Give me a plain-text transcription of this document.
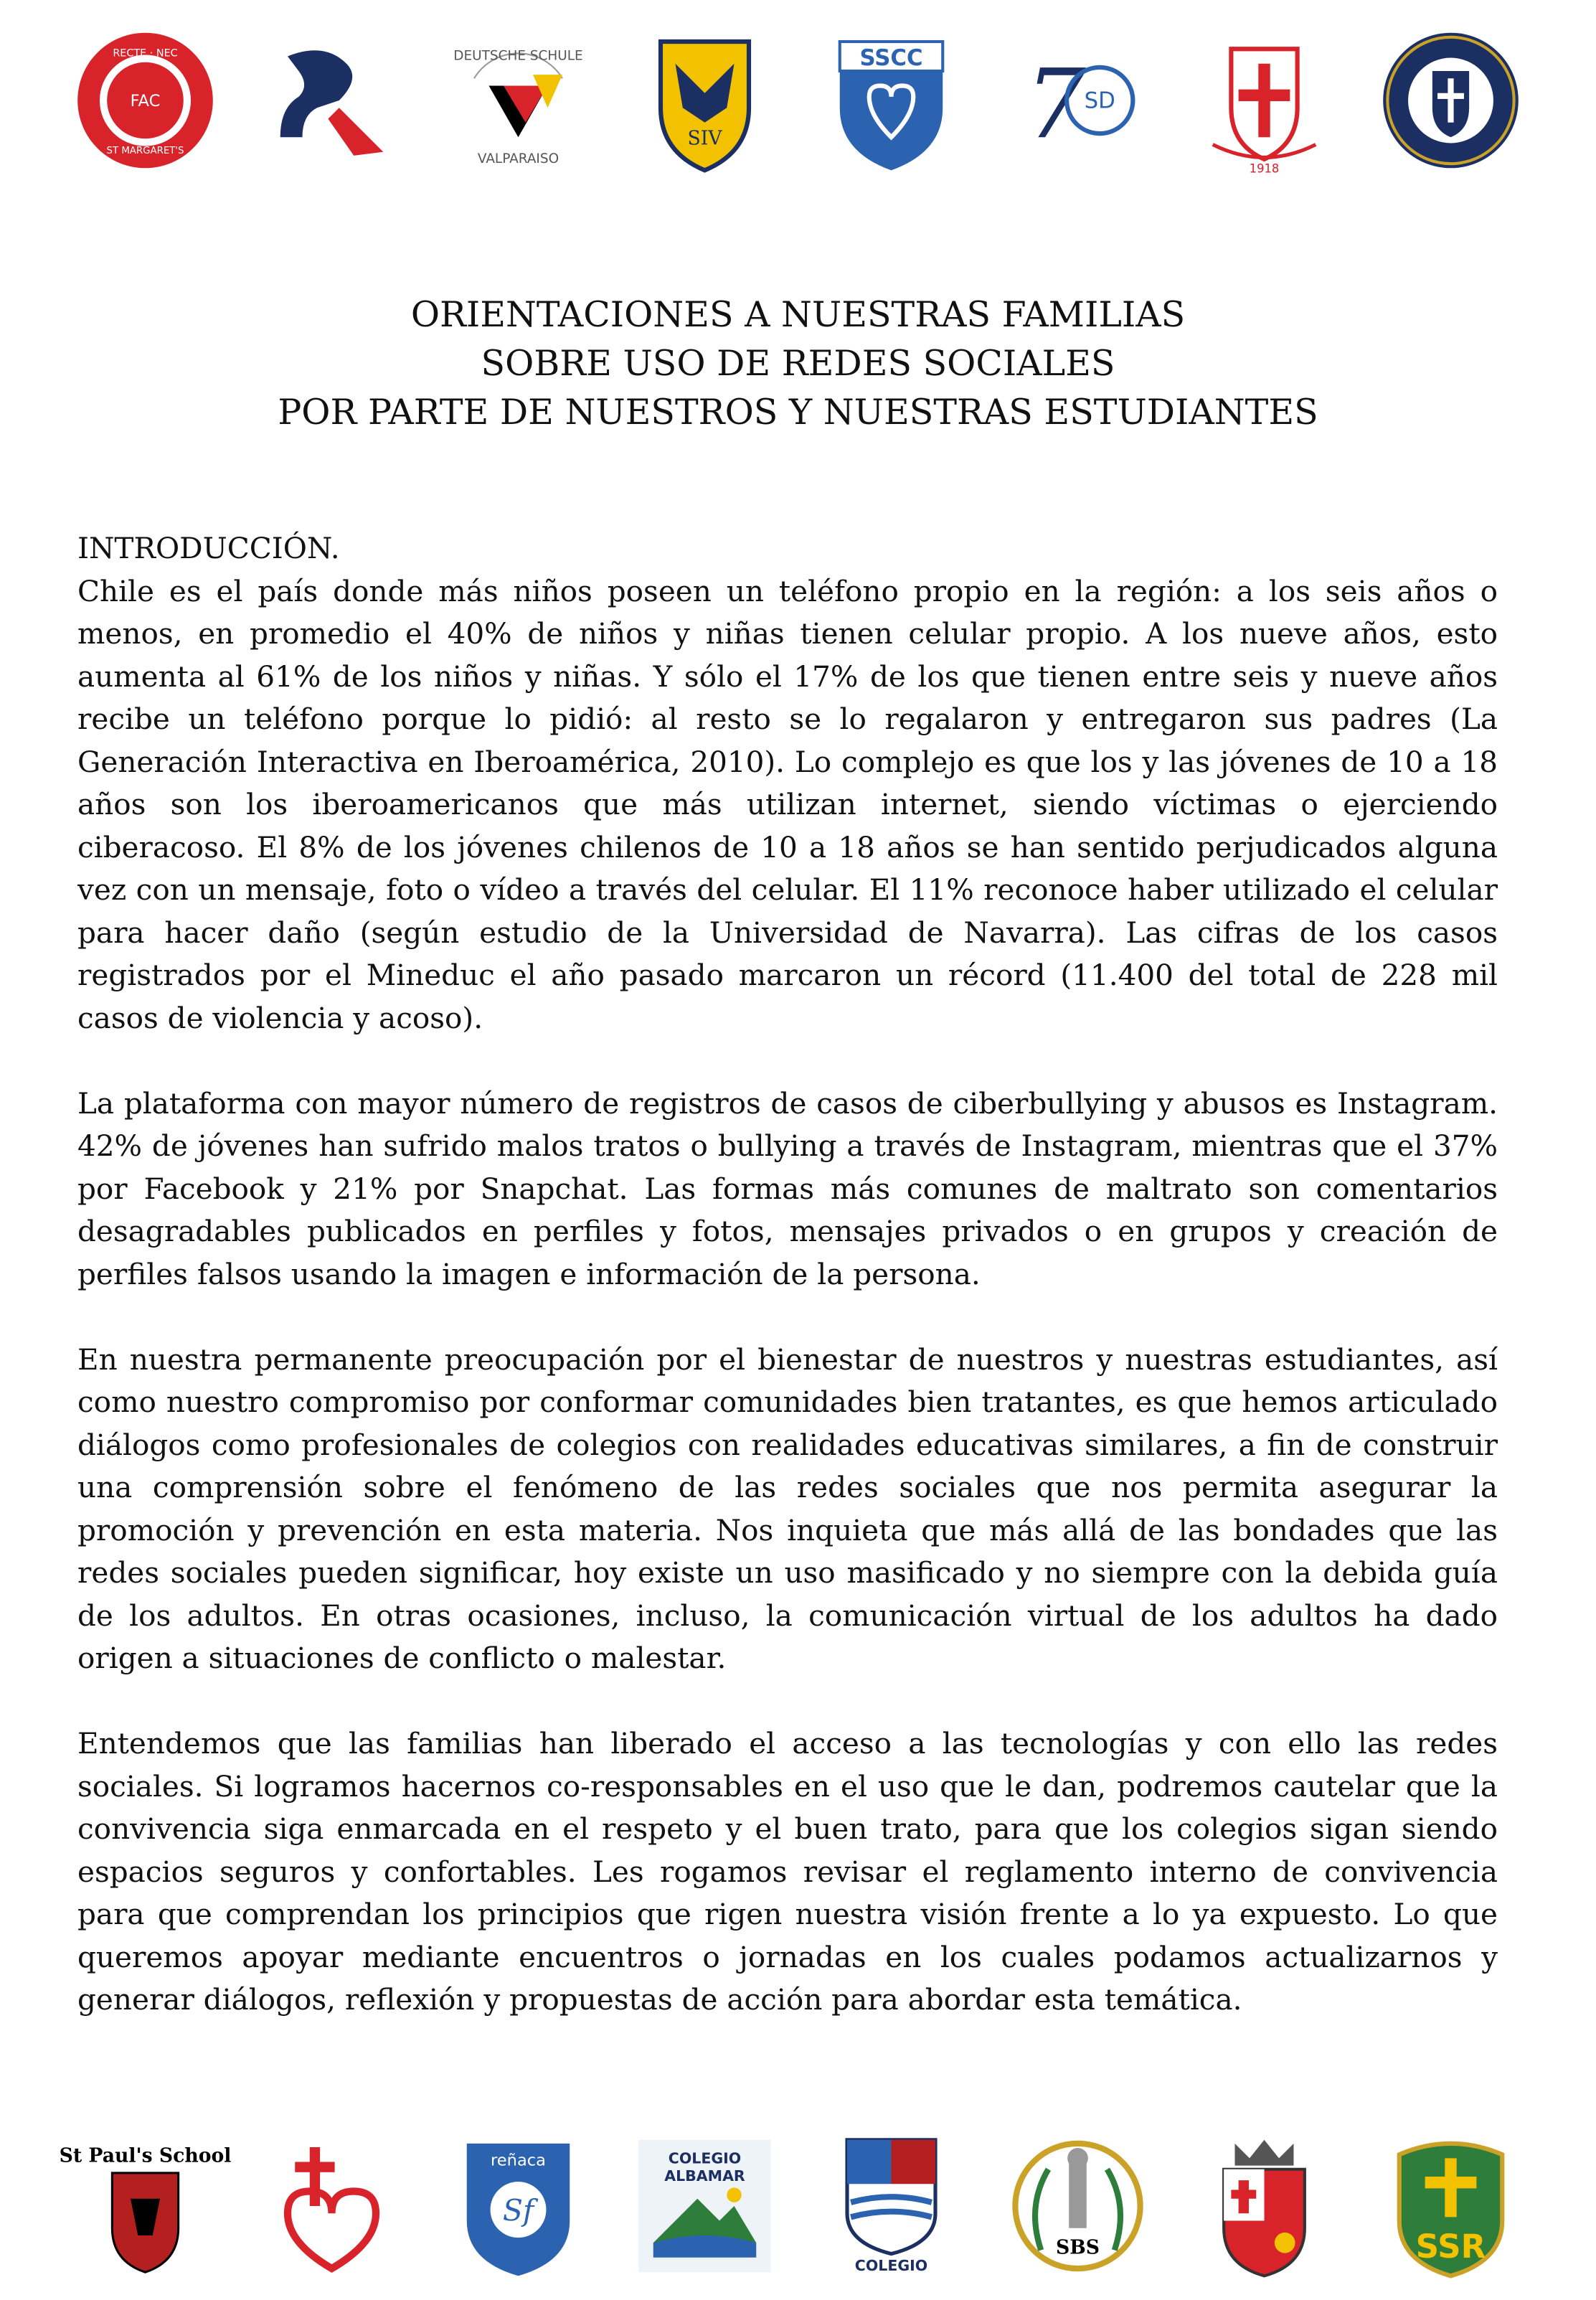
FAC
RECTE · NEC
ST MARGARET'S
DEUTSCHE SCHULE
VALPARAISO
SIV
SSCC 7
SD
1918
ORIENTACIONES A NUESTRAS FAMILIAS
SOBRE USO DE REDES SOCIALES
POR PARTE DE NUESTROS Y NUESTRAS ESTUDIANTES

INTRODUCCIÓN.

Chile es el país donde más niños poseen un teléfono propio en la región: a los seis años o menos, en promedio el 40% de niños y niñas tienen celular propio. A los nueve años, esto aumenta al 61% de los niños y niñas. Y sólo el 17% de los que tienen entre seis y nueve años recibe un teléfono porque lo pidió: al resto se lo regalaron y entregaron sus padres (La Generación Interactiva en Iberoamérica, 2010). Lo complejo es que los y las jóvenes de 10 a 18 años son los iberoamericanos que más utilizan internet, siendo víctimas o ejerciendo ciberacoso. El 8% de los jóvenes chilenos de 10 a 18 años se han sentido perjudicados alguna vez con un mensaje, foto o vídeo a través del celular. El 11% reconoce haber utilizado el celular para hacer daño (según estudio de la Universidad de Navarra). Las cifras de los casos registrados por el Mineduc el año pasado marcaron un récord (11.400 del total de 228 mil casos de violencia y acoso).

La plataforma con mayor número de registros de casos de ciberbullying y abusos es Instagram. 42% de jóvenes han sufrido malos tratos o bullying a través de Instagram, mientras que el 37% por Facebook y 21% por Snapchat. Las formas más comunes de maltrato son comentarios desagradables publicados en perfiles y fotos, mensajes privados o en grupos y creación de perfiles falsos usando la imagen e información de la persona.

En nuestra permanente preocupación por el bienestar de nuestros y nuestras estudiantes, así como nuestro compromiso por conformar comunidades bien tratantes, es que hemos articulado diálogos como profesionales de colegios con realidades educativas similares, a fin de construir una comprensión sobre el fenómeno de las redes sociales que nos permita asegurar la promoción y prevención en esta materia. Nos inquieta que más allá de las bondades que las redes sociales pueden significar, hoy existe un uso masificado y no siempre con la debida guía de los adultos. En otras ocasiones, incluso, la comunicación virtual de los adultos ha dado origen a situaciones de conflicto o malestar.

Entendemos que las familias han liberado el acceso a las tecnologías y con ello las redes sociales. Si logramos hacernos co-responsables en el uso que le dan, podremos cautelar que la convivencia siga enmarcada en el respeto y el buen trato, para que los colegios sigan siendo espacios seguros y confortables. Les rogamos revisar el reglamento interno de convivencia para que comprendan los principios que rigen nuestra visión frente a lo ya expuesto. Lo que queremos apoyar mediante encuentros o jornadas en los cuales podamos actualizarnos y generar diálogos, reflexión y propuestas de acción para abordar esta temática.

St Paul's School	reñaca
Sf
COLEGIO
ALBAMAR
COLEGIO
SBS	SSR
